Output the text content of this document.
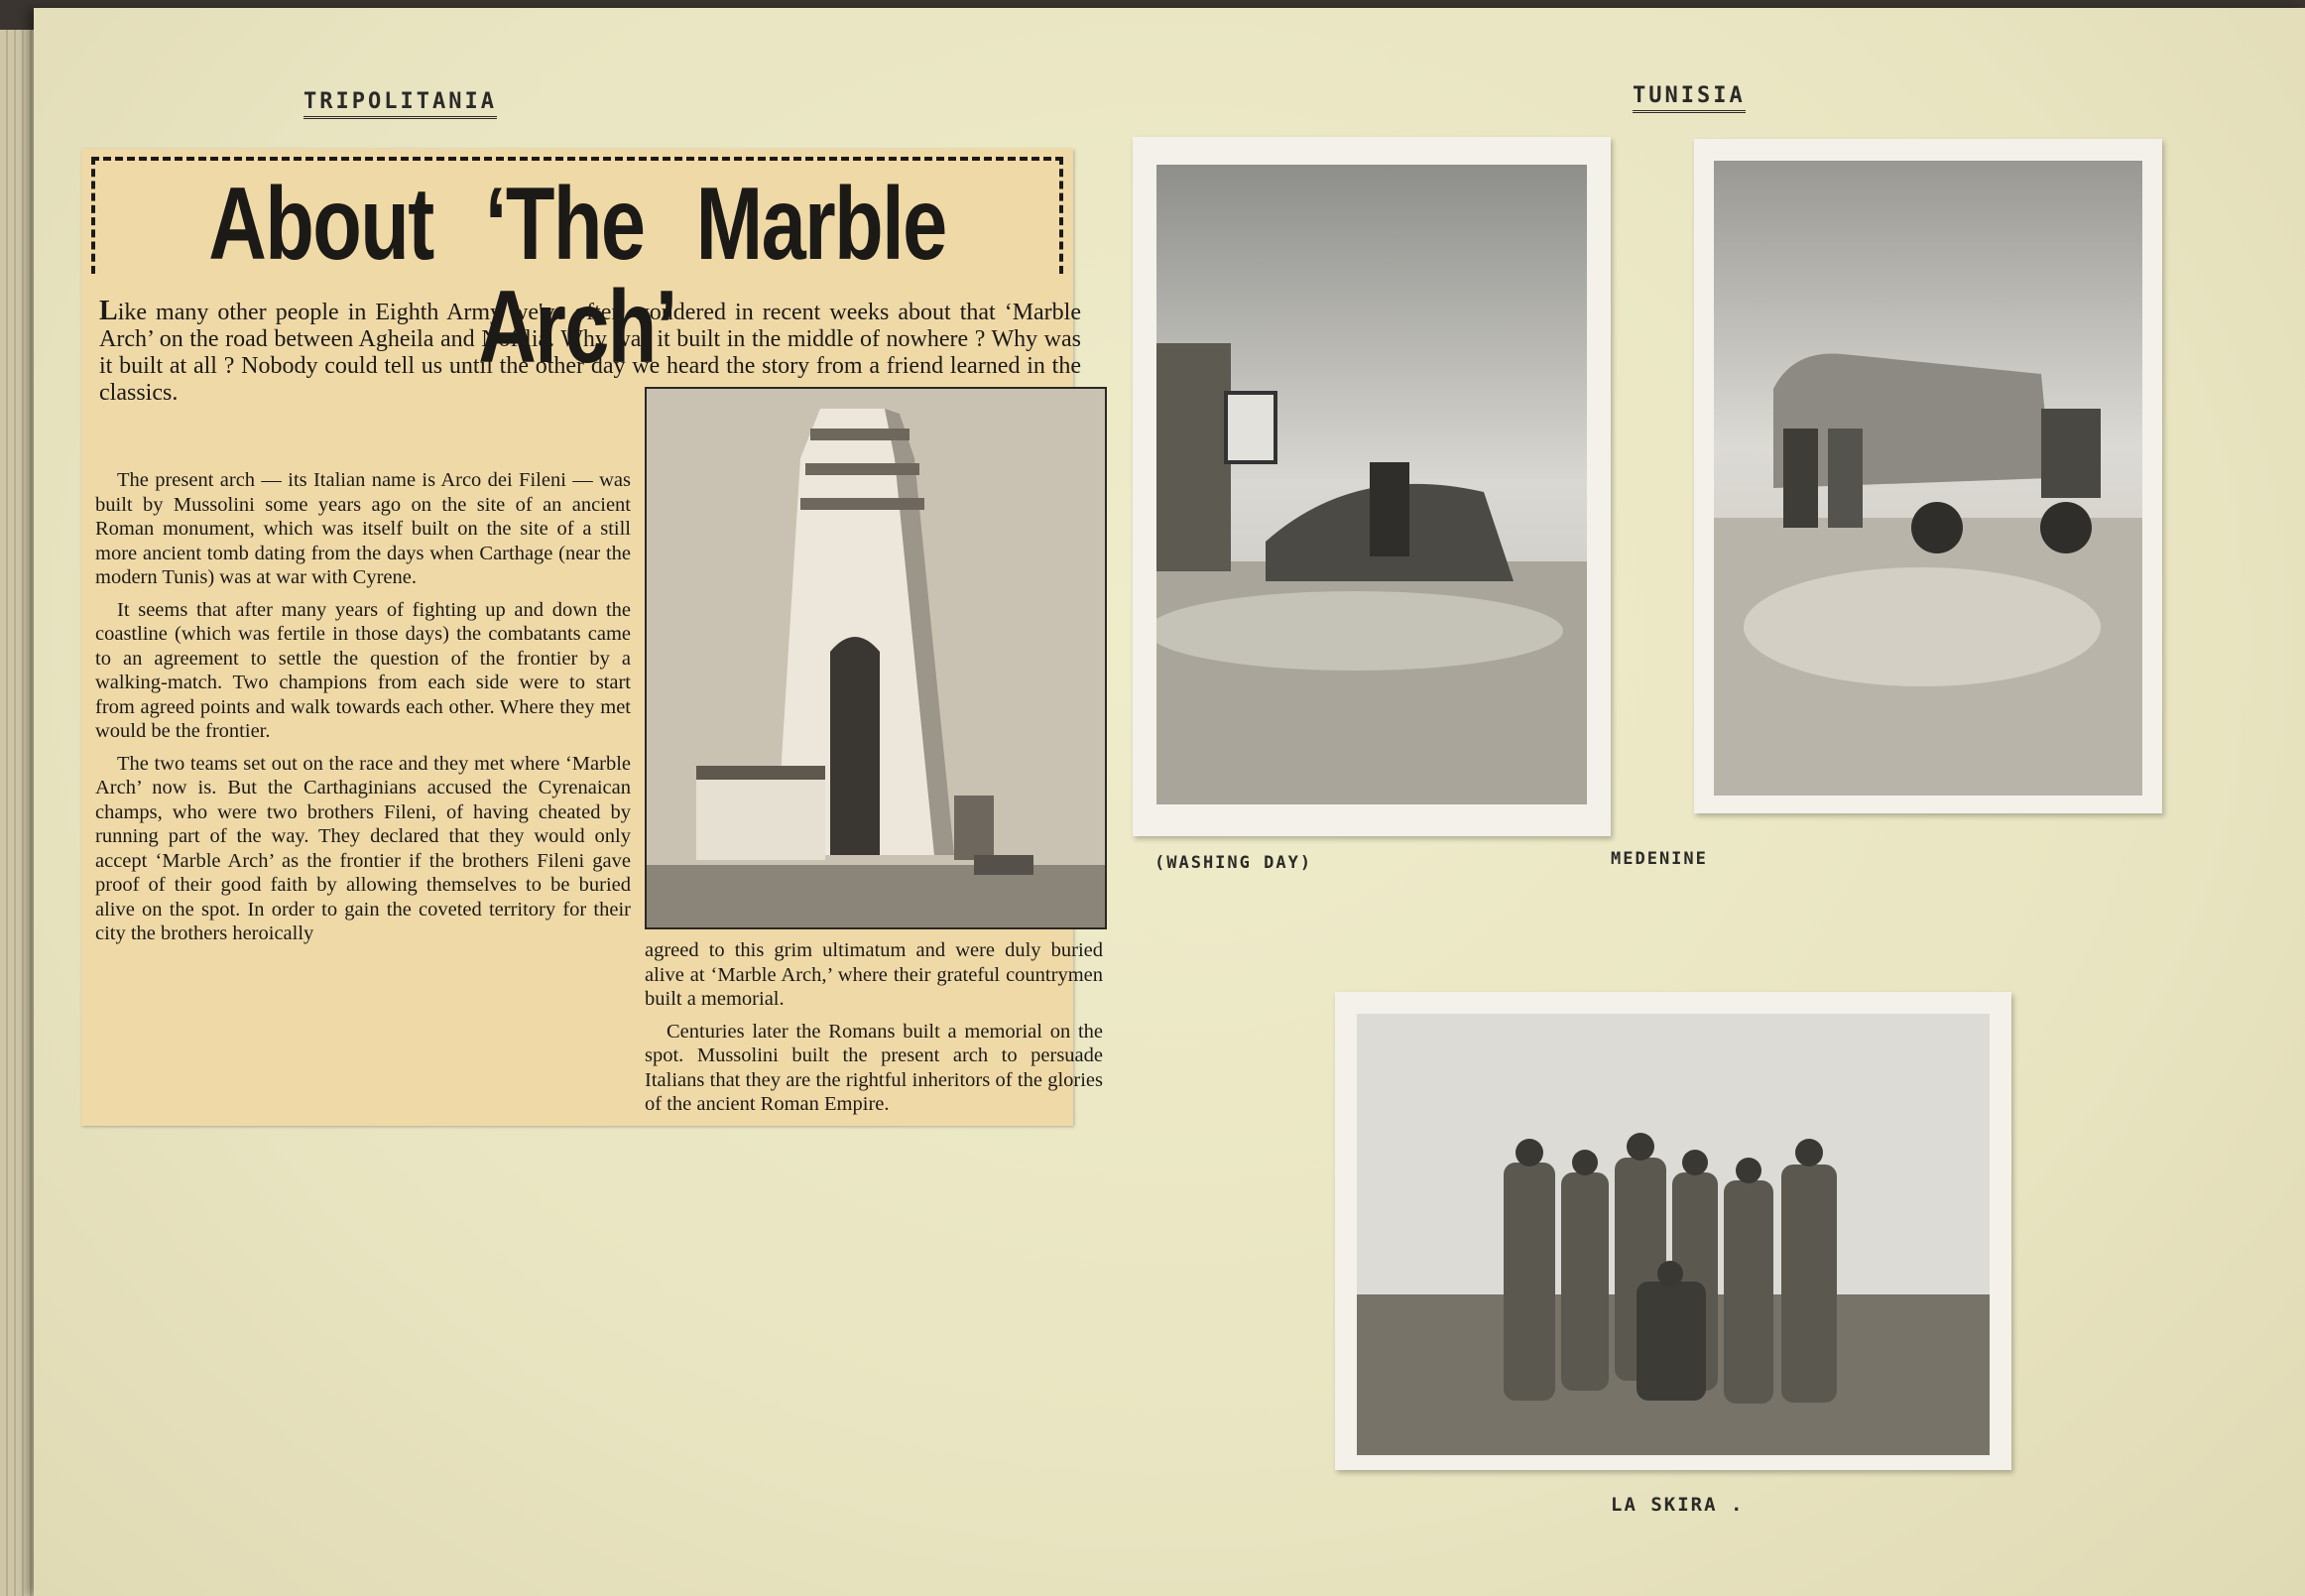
TRIPOLITANIA	TUNISIA
About ‘The Marble Arch’
Like many other people in Eighth Army we've often wondered in recent weeks about that ‘Marble Arch’ on the road between Agheila and Nofilia. Why was it built in the middle of nowhere ? Why was it built at all ? Nobody could tell us until the other day we heard the story from a friend learned in the classics.

The present arch — its Italian name is Arco dei Fileni — was built by Mussolini some years ago on the site of an ancient Roman monument, which was itself built on the site of a still more ancient tomb dating from the days when Carthage (near the modern Tunis) was at war with Cyrene.

It seems that after many years of fighting up and down the coastline (which was fertile in those days) the combatants came to an agreement to settle the question of the frontier by a walking-match. Two champions from each side were to start from agreed points and walk towards each other. Where they met would be the frontier.

The two teams set out on the race and they met where ‘Marble Arch’ now is. But the Carthaginians accused the Cyrenaican champs, who were two brothers Fileni, of having cheated by running part of the way. They declared that they would only accept ‘Marble Arch’ as the frontier if the brothers Fileni gave proof of their good faith by allowing themselves to be buried alive on the spot. In order to gain the coveted territory for their city the brothers heroically

agreed to this grim ultimatum and were duly buried alive at ‘Marble Arch,’ where their grateful countrymen built a memorial.

Centuries later the Romans built a memorial on the spot. Mussolini built the present arch to persuade Italians that they are the rightful inheritors of the glories of the ancient Roman Empire.

(WASHING DAY)	MEDENINE
LA SKIRA .
